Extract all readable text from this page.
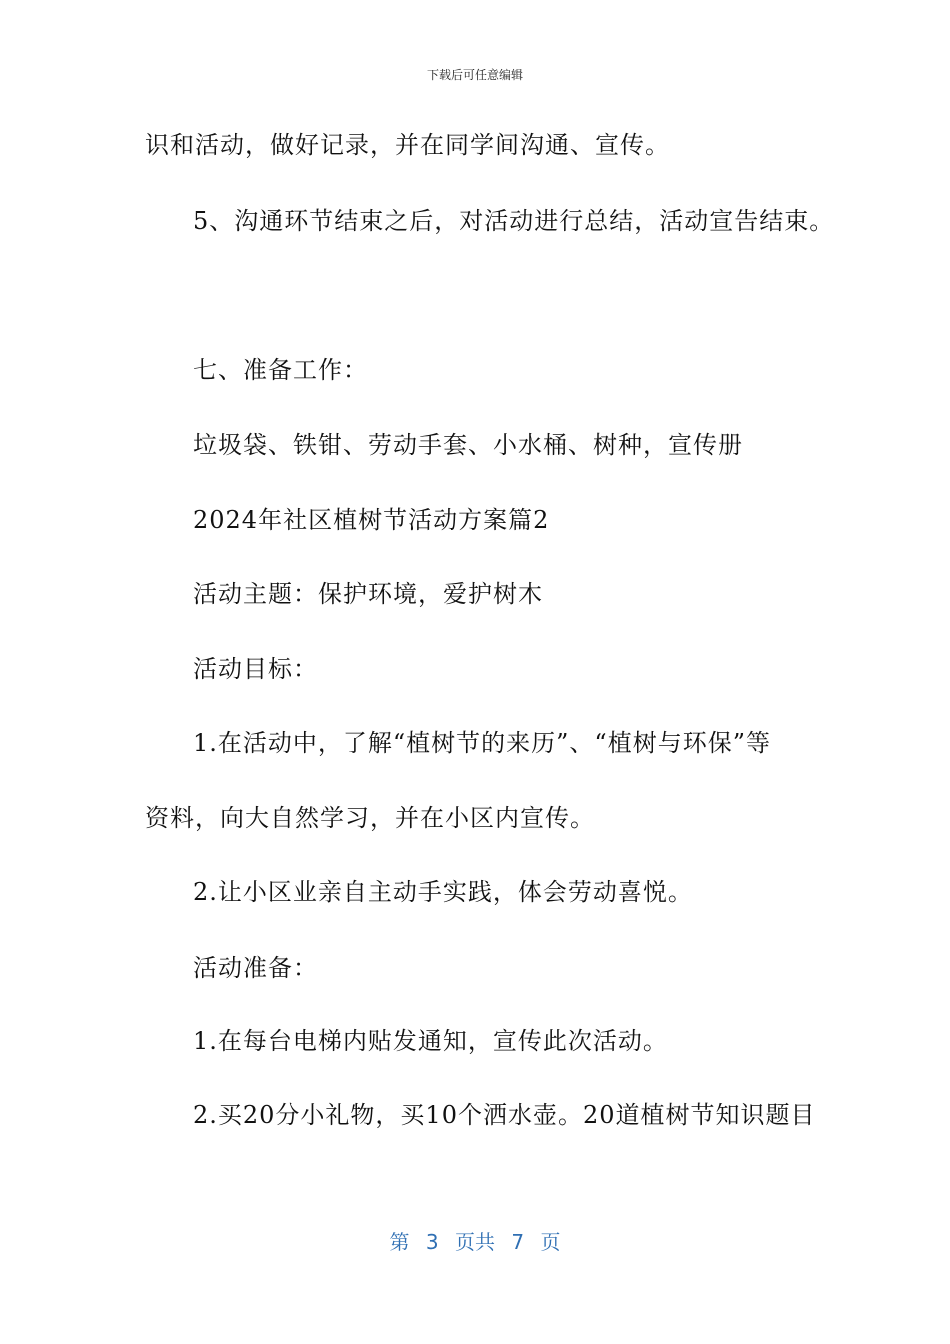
下载后可任意编辑
识和活动，做好记录，并在同学间沟通、宣传。
5、沟通环节结束之后，对活动进行总结，活动宣告结束。
七、准备工作：
垃圾袋、铁钳、劳动手套、小水桶、树种，宣传册
2024年社区植树节活动方案篇2
活动主题：保护环境，爱护树木
活动目标：
1.在活动中，了解“植树节的来历”、“植树与环保”等
资料，向大自然学习，并在小区内宣传。
2.让小区业亲自主动手实践，体会劳动喜悦。
活动准备：
1.在每台电梯内贴发通知，宣传此次活动。
2.买20分小礼物，买10个洒水壶。20道植树节知识题目
第 3 页共 7 页
